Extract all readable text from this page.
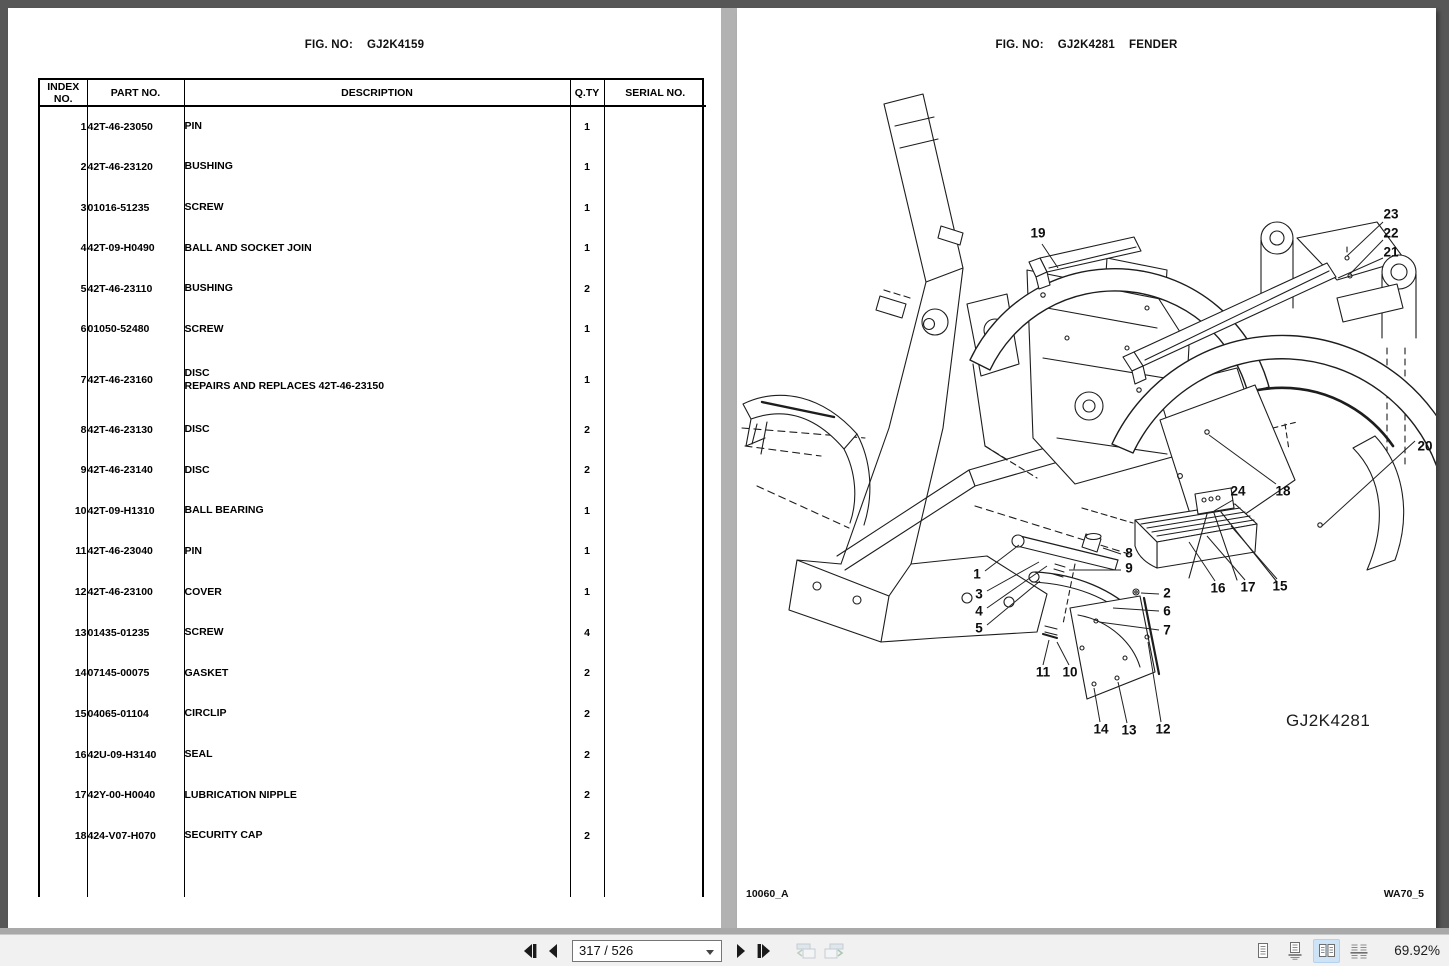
FIG. NO: GJ2K4159
INDEX
NO.	PART NO.	DESCRIPTION	Q.TY	SERIAL NO.
1	42T-46-23050	PIN	1	
2	42T-46-23120	BUSHING	1	
3	01016-51235	SCREW	1	
4	42T-09-H0490	BALL AND SOCKET JOIN	1	
5	42T-46-23110	BUSHING	2	
6	01050-52480	SCREW	1	
7	42T-46-23160	DISC
REPAIRS AND REPLACES 42T-46-23150	1	
8	42T-46-23130	DISC	2	
9	42T-46-23140	DISC	2	
10	42T-09-H1310	BALL BEARING	1	
11	42T-46-23040	PIN	1	
12	42T-46-23100	COVER	1	
13	01435-01235	SCREW	4	
14	07145-00075	GASKET	2	
15	04065-01104	CIRCLIP	2	
16	42U-09-H3140	SEAL	2	
17	42Y-00-H0040	LUBRICATION NIPPLE	2	
18	424-V07-H070	SECURITY CAP	2	

FIG. NO: GJ2K4281 FENDER
19
23
22
21
20
18
24
8
9
1
3	2
4	6
5	7
16 17 15
11 10
14 13 12	GJ2K4281
10060_A	WA70_5
317 / 526	69.92%
